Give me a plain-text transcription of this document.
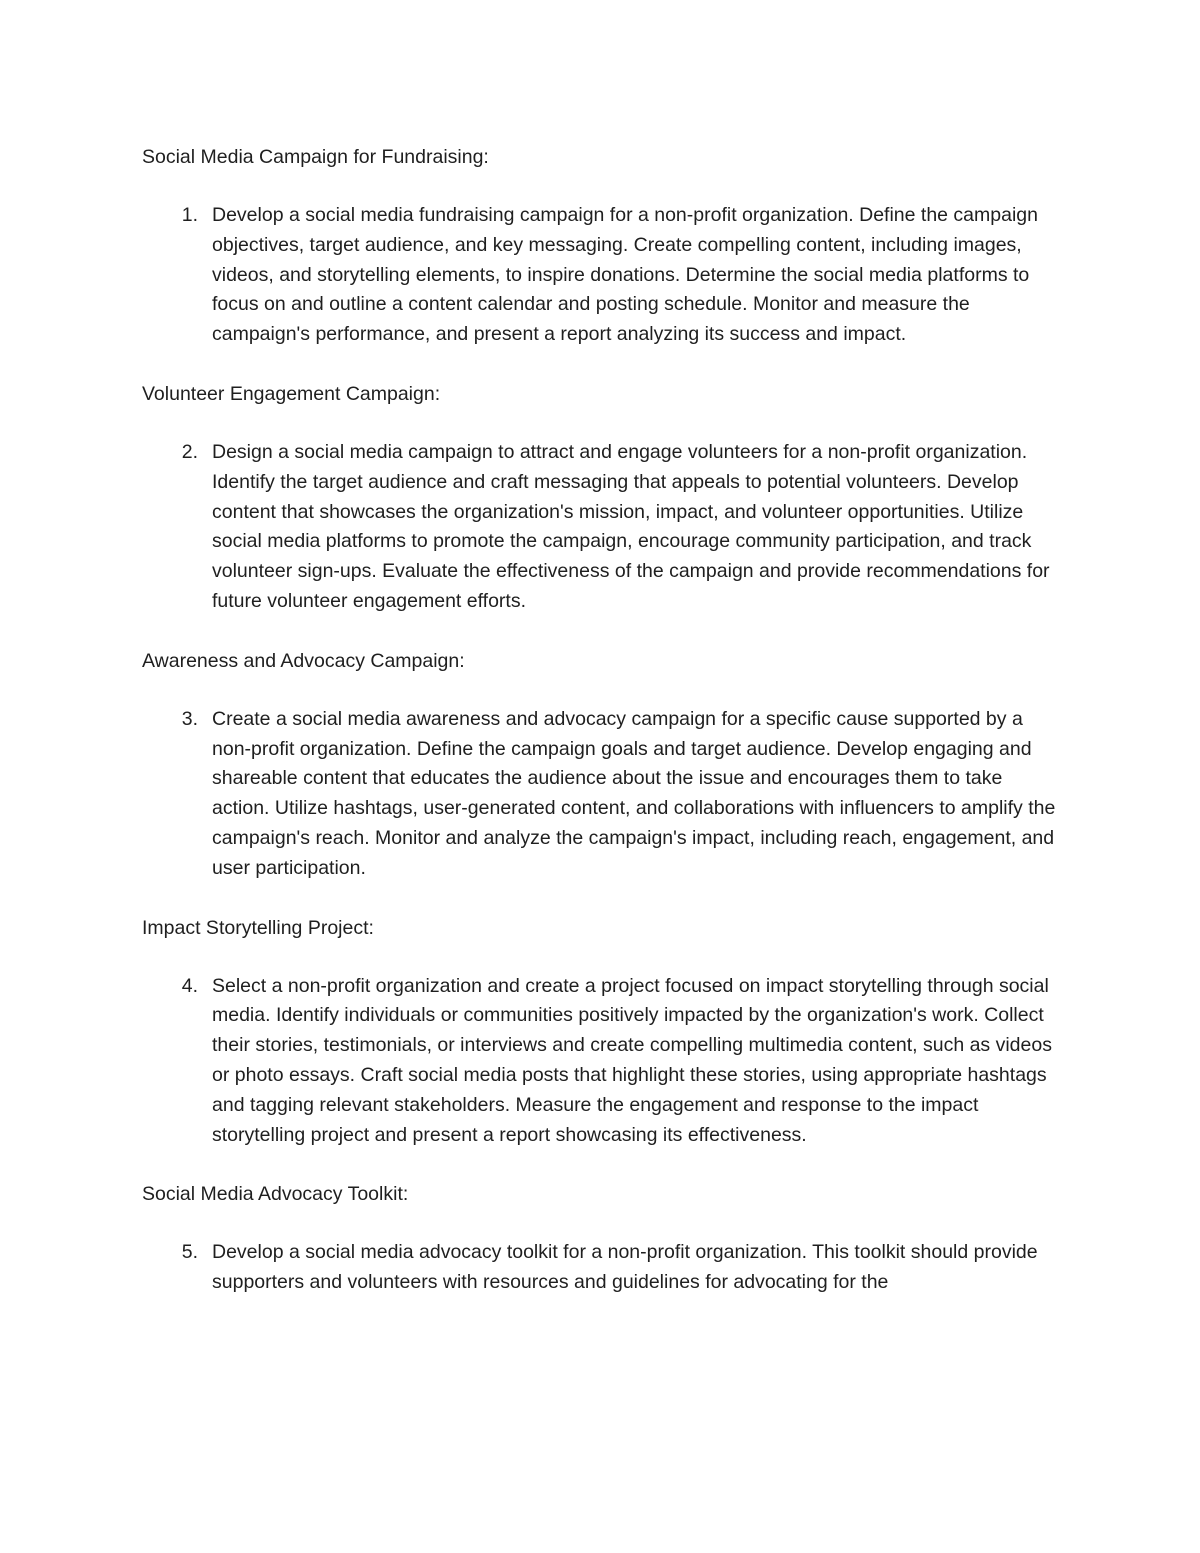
Social Media Campaign for Fundraising:

1. Develop a social media fundraising campaign for a non-profit organization. Define the campaign objectives, target audience, and key messaging. Create compelling content, including images, videos, and storytelling elements, to inspire donations. Determine the social media platforms to focus on and outline a content calendar and posting schedule. Monitor and measure the campaign's performance, and present a report analyzing its success and impact.

Volunteer Engagement Campaign:

2. Design a social media campaign to attract and engage volunteers for a non-profit organization. Identify the target audience and craft messaging that appeals to potential volunteers. Develop content that showcases the organization's mission, impact, and volunteer opportunities. Utilize social media platforms to promote the campaign, encourage community participation, and track volunteer sign-ups. Evaluate the effectiveness of the campaign and provide recommendations for future volunteer engagement efforts.

Awareness and Advocacy Campaign:

3. Create a social media awareness and advocacy campaign for a specific cause supported by a non-profit organization. Define the campaign goals and target audience. Develop engaging and shareable content that educates the audience about the issue and encourages them to take action. Utilize hashtags, user-generated content, and collaborations with influencers to amplify the campaign's reach. Monitor and analyze the campaign's impact, including reach, engagement, and user participation.

Impact Storytelling Project:

4. Select a non-profit organization and create a project focused on impact storytelling through social media. Identify individuals or communities positively impacted by the organization's work. Collect their stories, testimonials, or interviews and create compelling multimedia content, such as videos or photo essays. Craft social media posts that highlight these stories, using appropriate hashtags and tagging relevant stakeholders. Measure the engagement and response to the impact storytelling project and present a report showcasing its effectiveness.

Social Media Advocacy Toolkit:

5. Develop a social media advocacy toolkit for a non-profit organization. This toolkit should provide supporters and volunteers with resources and guidelines for advocating for the
